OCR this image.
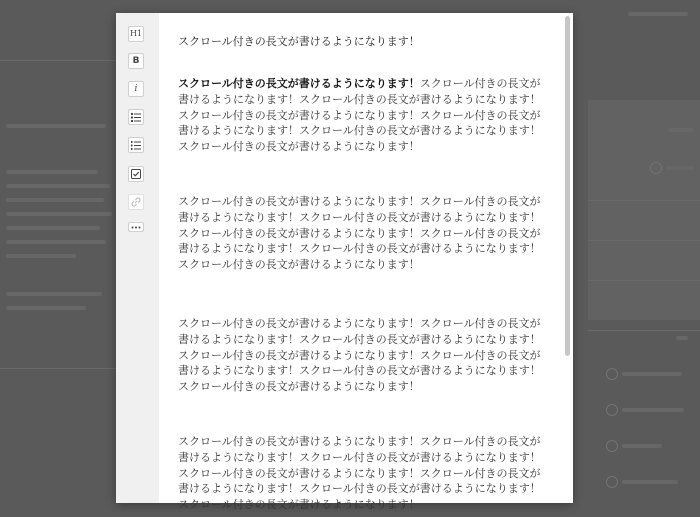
H1
B
i

スクロール付きの長文が書けるようになります！

スクロール付きの長文が書けるようになります！スクロール付きの長文が書けるようになります！スクロール付きの長文が書けるようになります！スクロール付きの長文が書けるようになります！スクロール付きの長文が書けるようになります！スクロール付きの長文が書けるようになります！スクロール付きの長文が書けるようになります！

スクロール付きの長文が書けるようになります！スクロール付きの長文が書けるようになります！スクロール付きの長文が書けるようになります！スクロール付きの長文が書けるようになります！スクロール付きの長文が書けるようになります！スクロール付きの長文が書けるようになります！スクロール付きの長文が書けるようになります！

スクロール付きの長文が書けるようになります！スクロール付きの長文が書けるようになります！スクロール付きの長文が書けるようになります！スクロール付きの長文が書けるようになります！スクロール付きの長文が書けるようになります！スクロール付きの長文が書けるようになります！スクロール付きの長文が書けるようになります！

スクロール付きの長文が書けるようになります！スクロール付きの長文が書けるようになります！スクロール付きの長文が書けるようになります！スクロール付きの長文が書けるようになります！スクロール付きの長文が書けるようになります！スクロール付きの長文が書けるようになります！スクロール付きの長文が書けるようになります！
